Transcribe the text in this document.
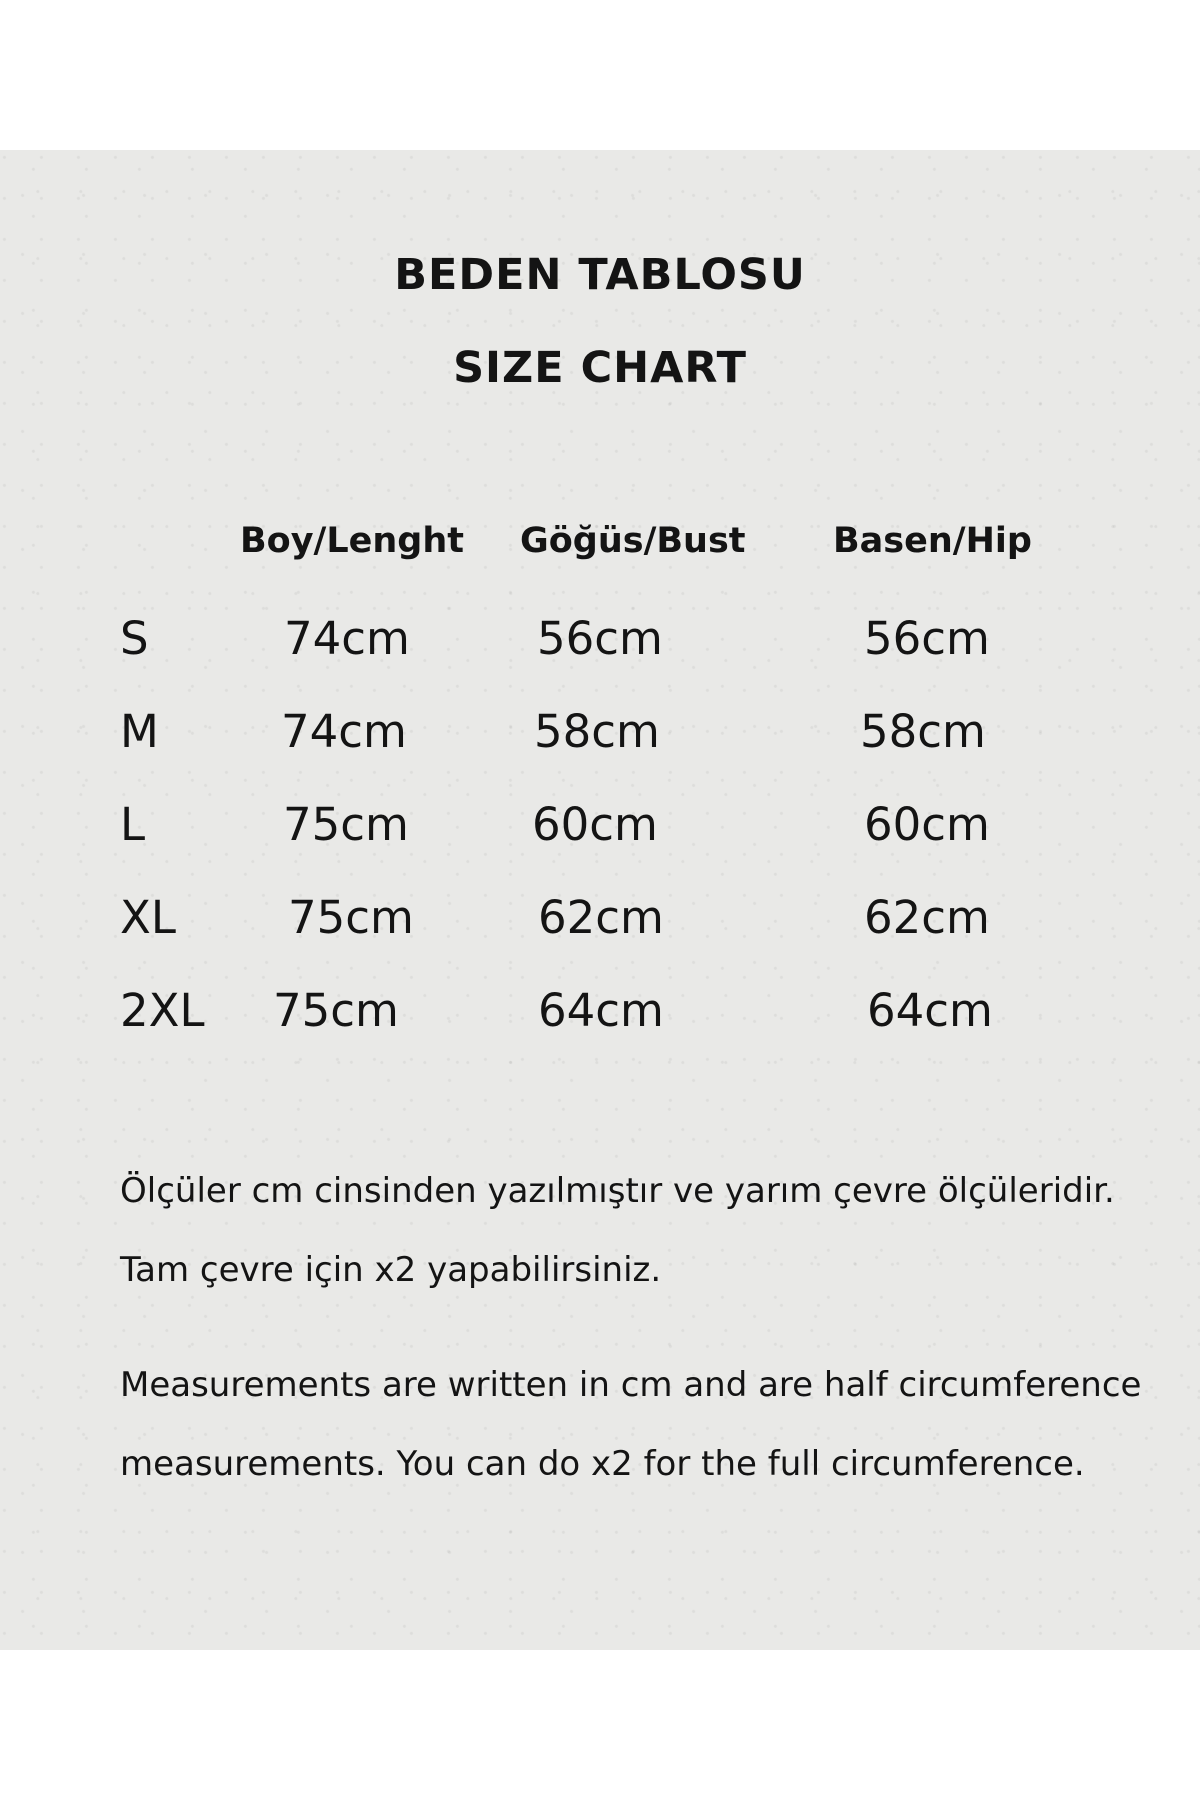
BEDEN TABLOSU
SIZE CHART
Boy/Lenght Göğüs/Bust Basen/Hip
S	74cm	56cm	56cm
M	74cm	58cm	58cm
L	75cm	60cm	60cm
XL 75cm	62cm	62cm
2XL 75cm	64cm	64cm

Ölçüler cm cinsinden yazılmıştır ve yarım çevre ölçüleridir. Tam çevre için x2 yapabilirsiniz.

Measurements are written in cm and are half circumference measurements. You can do x2 for the full circumference.
